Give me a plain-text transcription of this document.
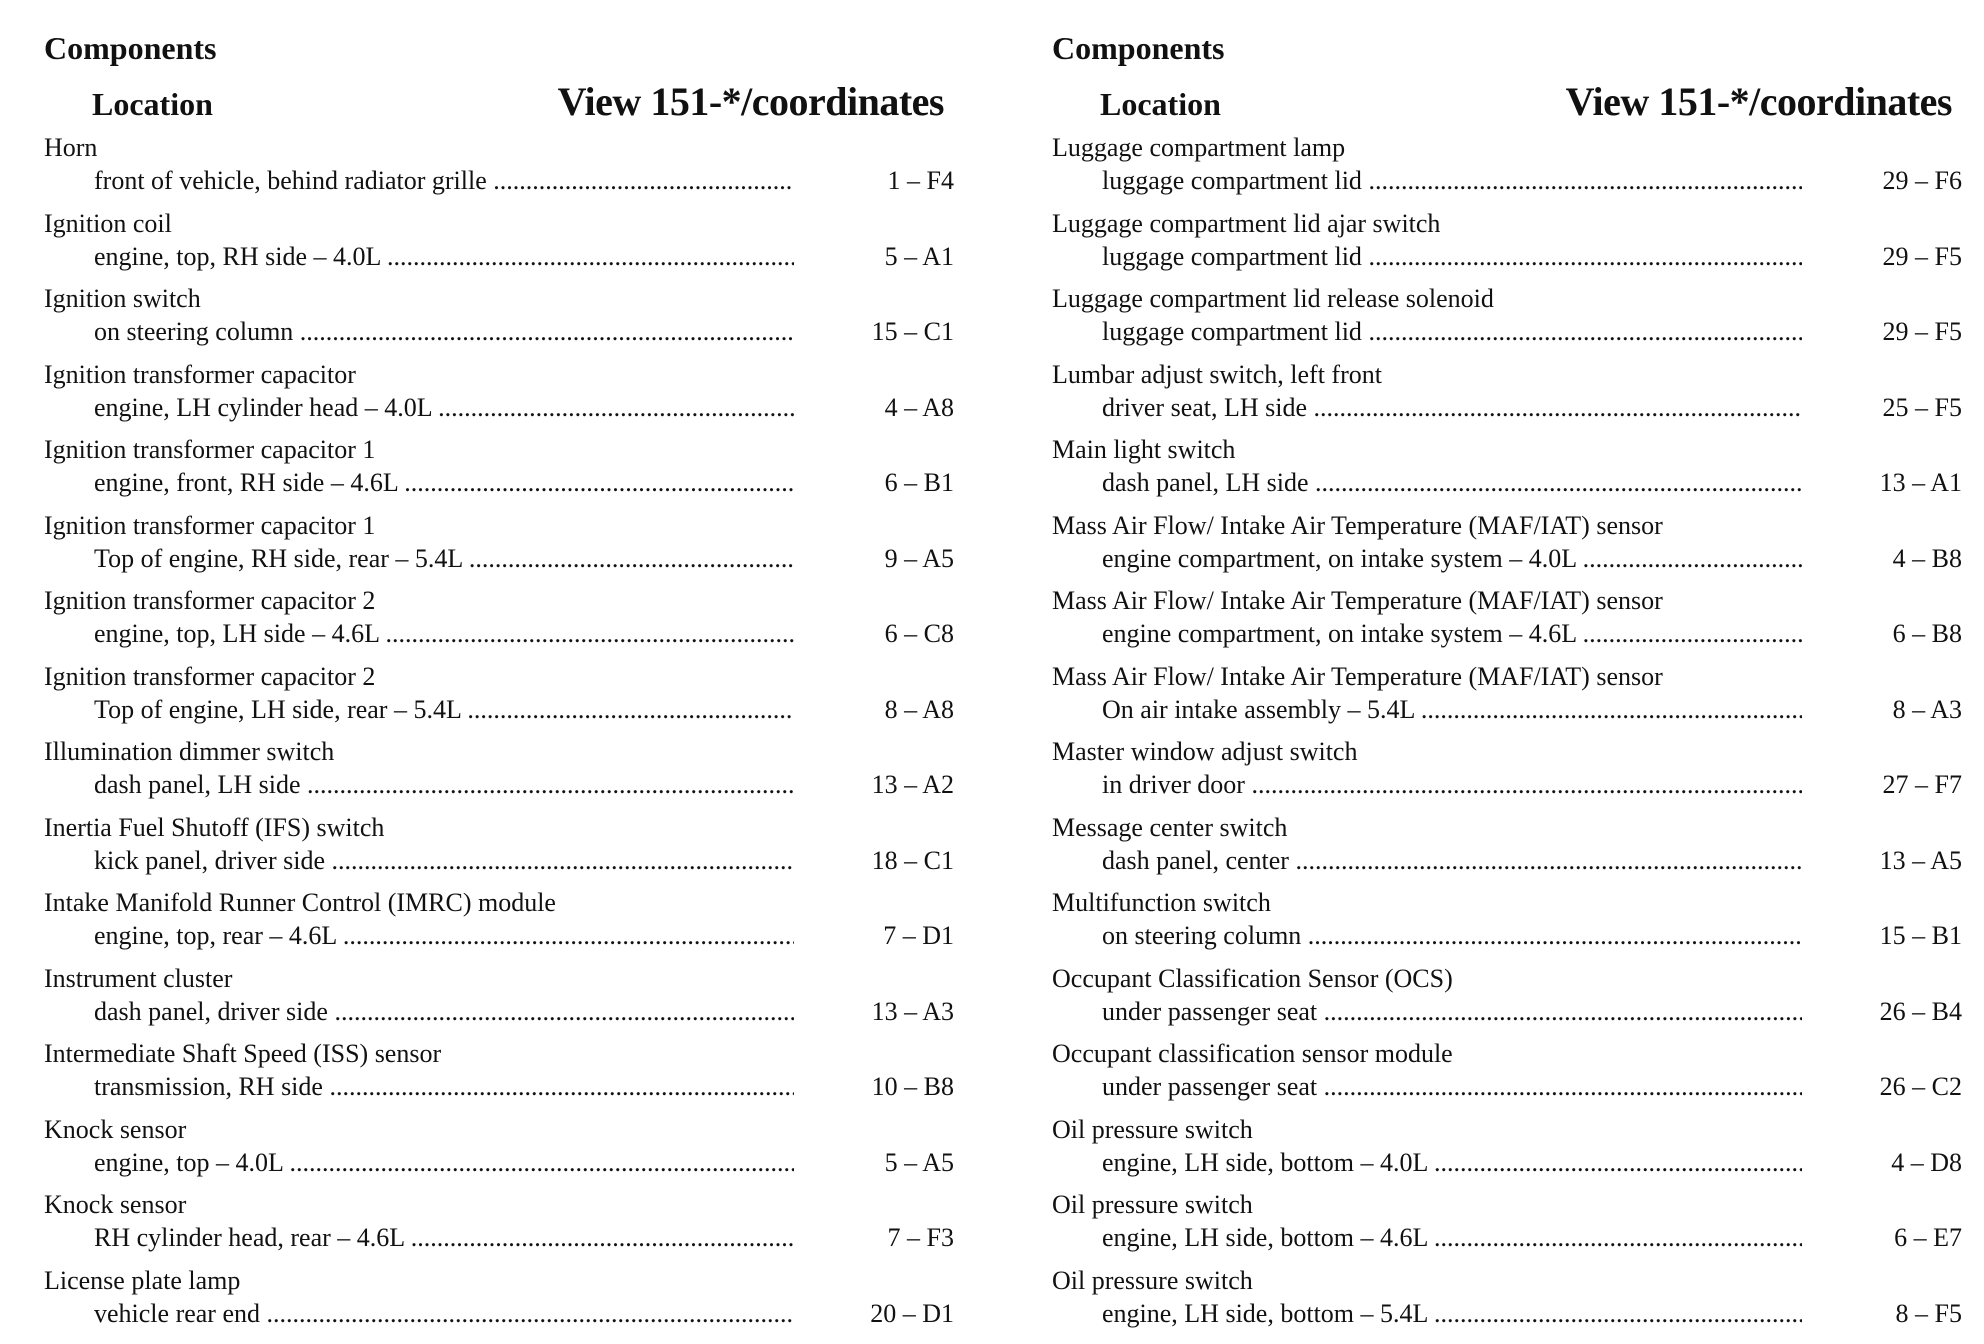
Components
Location	View 151-*/coordinates
Horn
front of vehicle, behind radiator grille .....	1 – F4
Ignition coil
engine, top, RH side – 4.0L .....	5 – A1
Ignition switch
on steering column .....	15 – C1
Ignition transformer capacitor
engine, LH cylinder head – 4.0L .....	4 – A8
Ignition transformer capacitor 1
engine, front, RH side – 4.6L .....	6 – B1
Ignition transformer capacitor 1
Top of engine, RH side, rear – 5.4L .....	9 – A5
Ignition transformer capacitor 2
engine, top, LH side – 4.6L .....	6 – C8
Ignition transformer capacitor 2
Top of engine, LH side, rear – 5.4L .....	8 – A8
Illumination dimmer switch
dash panel, LH side .....	13 – A2
Inertia Fuel Shutoff (IFS) switch
kick panel, driver side .....	18 – C1
Intake Manifold Runner Control (IMRC) module
engine, top, rear – 4.6L .....	7 – D1
Instrument cluster
dash panel, driver side .....	13 – A3
Intermediate Shaft Speed (ISS) sensor
transmission, RH side .....	10 – B8
Knock sensor
engine, top – 4.0L .....	5 – A5
Knock sensor
RH cylinder head, rear – 4.6L .....	7 – F3
License plate lamp
vehicle rear end .....	20 – D1
Components
Location	View 151-*/coordinates
Luggage compartment lamp
luggage compartment lid .....	29 – F6
Luggage compartment lid ajar switch
luggage compartment lid .....	29 – F5
Luggage compartment lid release solenoid
luggage compartment lid .....	29 – F5
Lumbar adjust switch, left front
driver seat, LH side .....	25 – F5
Main light switch
dash panel, LH side .....	13 – A1
Mass Air Flow/ Intake Air Temperature (MAF/IAT) sensor
engine compartment, on intake system – 4.0L .....	4 – B8
Mass Air Flow/ Intake Air Temperature (MAF/IAT) sensor
engine compartment, on intake system – 4.6L .....	6 – B8
Mass Air Flow/ Intake Air Temperature (MAF/IAT) sensor
On air intake assembly – 5.4L .....	8 – A3
Master window adjust switch
in driver door .....	27 – F7
Message center switch
dash panel, center .....	13 – A5
Multifunction switch
on steering column .....	15 – B1
Occupant Classification Sensor (OCS)
under passenger seat .....	26 – B4
Occupant classification sensor module
under passenger seat .....	26 – C2
Oil pressure switch
engine, LH side, bottom – 4.0L .....	4 – D8
Oil pressure switch
engine, LH side, bottom – 4.6L .....	6 – E7
Oil pressure switch
engine, LH side, bottom – 5.4L .....	8 – F5
